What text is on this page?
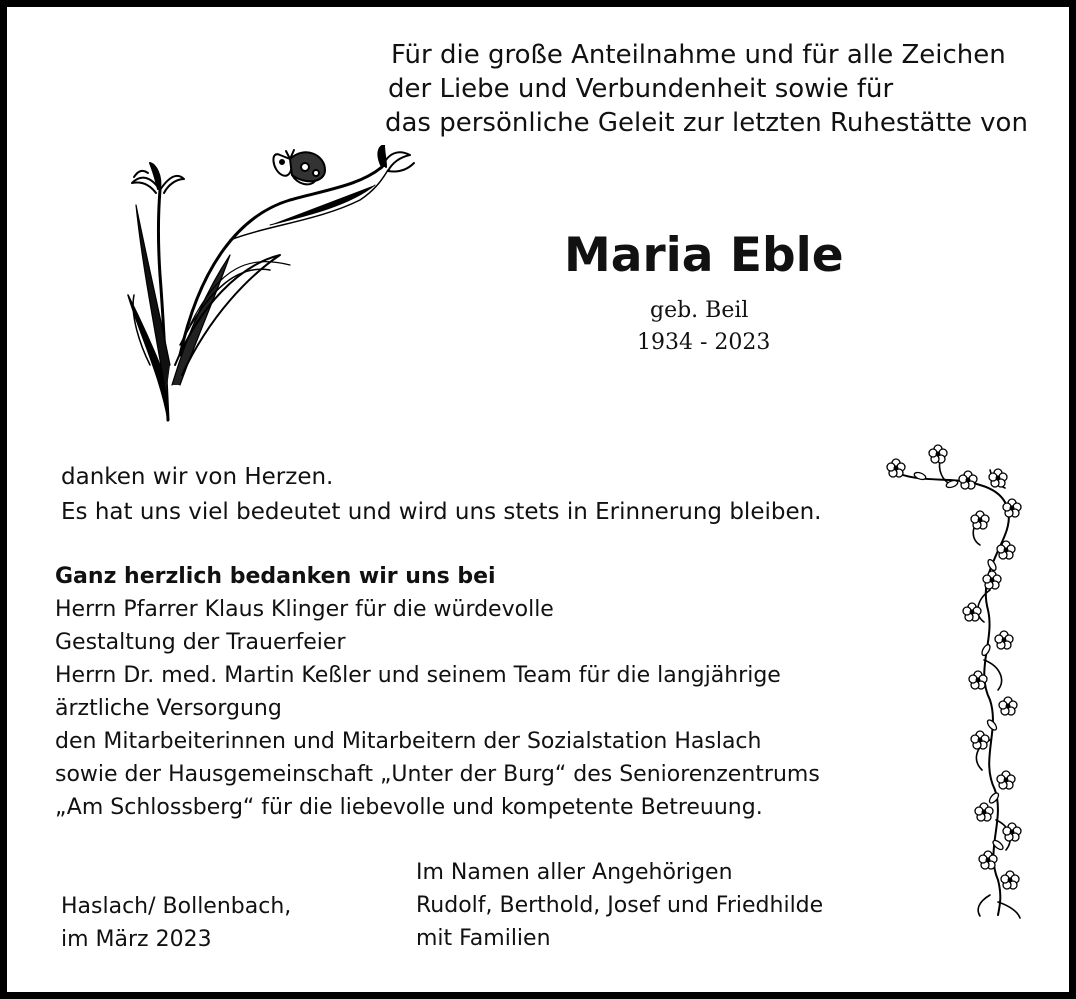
Für die große Anteilnahme und für alle Zeichen
der Liebe und Verbundenheit sowie für
das persönliche Geleit zur letzten Ruhestätte von
Maria Eble
geb. Beil
1934 - 2023
danken wir von Herzen.
Es hat uns viel bedeutet und wird uns stets in Erinnerung bleiben.
Ganz herzlich bedanken wir uns bei
Herrn Pfarrer Klaus Klinger für die würdevolle
Gestaltung der Trauerfeier
Herrn Dr. med. Martin Keßler und seinem Team für die langjährige
ärztliche Versorgung
den Mitarbeiterinnen und Mitarbeitern der Sozialstation Haslach
sowie der Hausgemeinschaft „Unter der Burg“ des Seniorenzentrums
„Am Schlossberg“ für die liebevolle und kompetente Betreuung.
Haslach/ Bollenbach,
im März 2023
Im Namen aller Angehörigen
Rudolf, Berthold, Josef und Friedhilde
mit Familien
